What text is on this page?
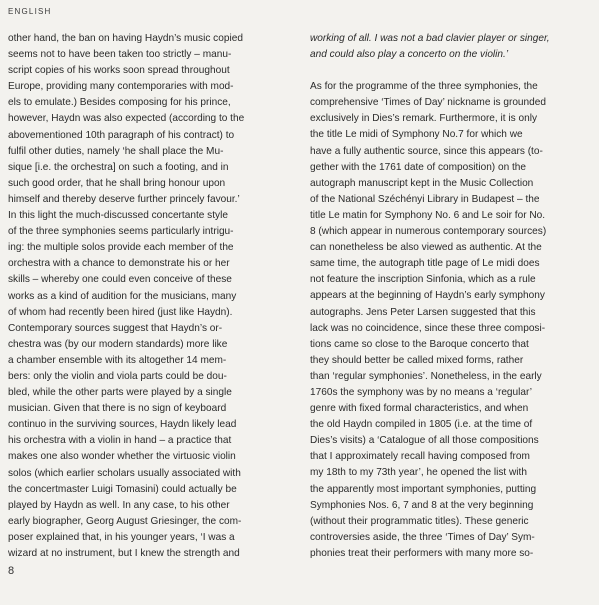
ENGLISH
other hand, the ban on having Haydn’s music copied
seems not to have been taken too strictly – manu-
script copies of his works soon spread throughout
Europe, providing many contemporaries with mod-
els to emulate.) Besides composing for his prince,
however, Haydn was also expected (according to the
abovementioned 10th paragraph of his contract) to
fulfil other duties, namely ‘he shall place the Mu-
sique [i.e. the orchestra] on such a footing, and in
such good order, that he shall bring honour upon
himself and thereby deserve further princely favour.’
In this light the much-discussed concertante style
of the three symphonies seems particularly intrigu-
ing: the multiple solos provide each member of the
orchestra with a chance to demonstrate his or her
skills – whereby one could even conceive of these
works as a kind of audition for the musicians, many
of whom had recently been hired (just like Haydn).
Contemporary sources suggest that Haydn’s or-
chestra was (by our modern standards) more like
a chamber ensemble with its altogether 14 mem-
bers: only the violin and viola parts could be dou-
bled, while the other parts were played by a single
musician. Given that there is no sign of keyboard
continuo in the surviving sources, Haydn likely lead
his orchestra with a violin in hand – a practice that
makes one also wonder whether the virtuosic violin
solos (which earlier scholars usually associated with
the concertmaster Luigi Tomasini) could actually be
played by Haydn as well. In any case, to his other
early biographer, Georg August Griesinger, the com-
poser explained that, in his younger years, ‘I was a
wizard at no instrument, but I knew the strength and

working of all. I was not a bad clavier player or singer,
and could also play a concerto on the violin.’

As for the programme of the three symphonies, the
comprehensive ‘Times of Day’ nickname is grounded
exclusively in Dies’s remark. Furthermore, it is only
the title Le midi of Symphony No.7 for which we
have a fully authentic source, since this appears (to-
gether with the 1761 date of composition) on the
autograph manuscript kept in the Music Collection
of the National Széchényi Library in Budapest – the
title Le matin for Symphony No. 6 and Le soir for No.
8 (which appear in numerous contemporary sources)
can nonetheless be also viewed as authentic. At the
same time, the autograph title page of Le midi does
not feature the inscription Sinfonia, which as a rule
appears at the beginning of Haydn’s early symphony
autographs. Jens Peter Larsen suggested that this
lack was no coincidence, since these three composi-
tions came so close to the Baroque concerto that
they should better be called mixed forms, rather
than ‘regular symphonies’. Nonetheless, in the early
1760s the symphony was by no means a ‘regular’
genre with fixed formal characteristics, and when
the old Haydn compiled in 1805 (i.e. at the time of
Dies’s visits) a ‘Catalogue of all those compositions
that I approximately recall having composed from
my 18th to my 73th year’, he opened the list with
the apparently most important symphonies, putting
Symphonies Nos. 6, 7 and 8 at the very beginning
(without their programmatic titles). These generic
controversies aside, the three ‘Times of Day’ Sym-
phonies treat their performers with many more so-

8
